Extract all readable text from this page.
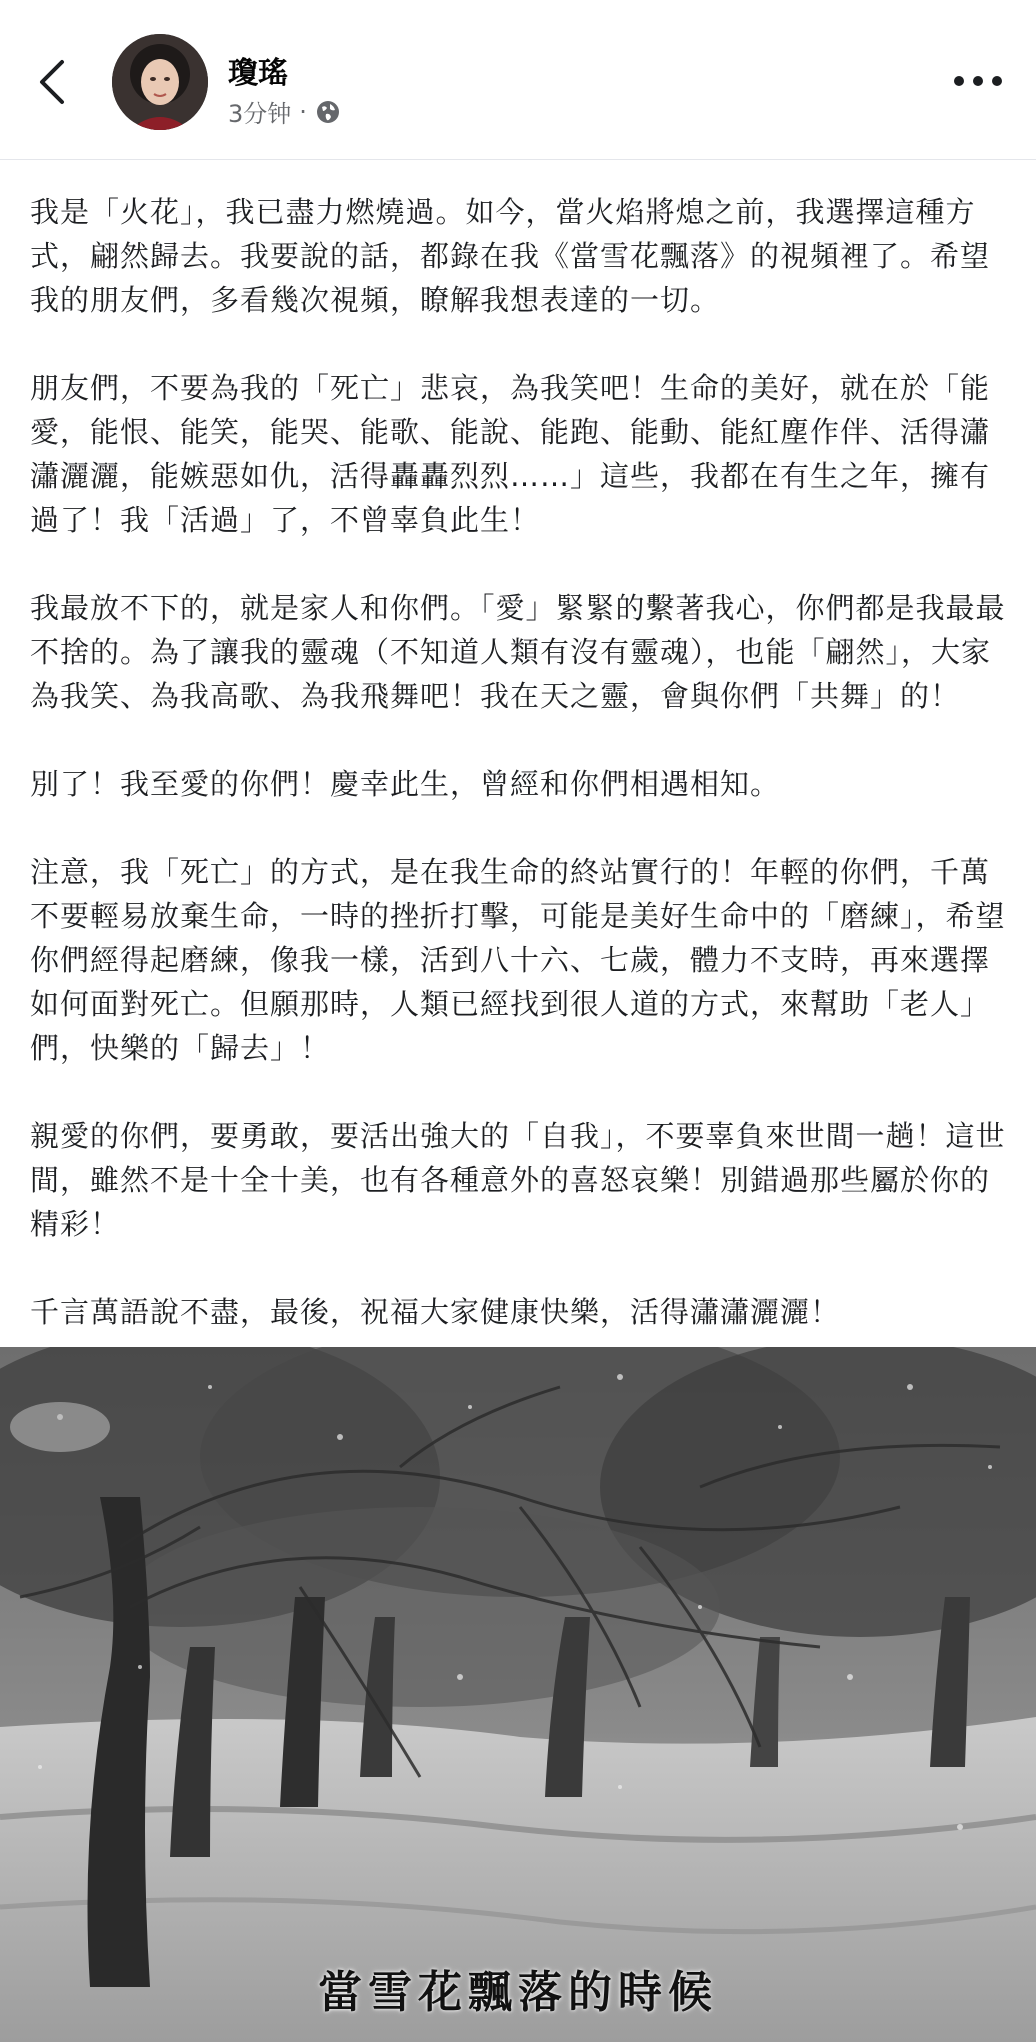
瓊瑤
3分钟 ·

我是「火花」，我已盡力燃燒過。如今，當火焰將熄之前，我選擇這種方式，翩然歸去。我要說的話，都錄在我《當雪花飄落》的視頻裡了。希望我的朋友們，多看幾次視頻，瞭解我想表達的一切。

朋友們，不要為我的「死亡」悲哀，為我笑吧！生命的美好，就在於「能愛，能恨、能笑，能哭、能歌、能說、能跑、能動、能紅塵作伴、活得瀟瀟灑灑，能嫉惡如仇，活得轟轟烈烈……」這些，我都在有生之年，擁有過了！我「活過」了，不曾辜負此生！

我最放不下的，就是家人和你們。「愛」緊緊的繫著我心，你們都是我最最不捨的。為了讓我的靈魂（不知道人類有沒有靈魂），也能「翩然」，大家為我笑、為我高歌、為我飛舞吧！我在天之靈，會與你們「共舞」的！

別了！我至愛的你們！慶幸此生，曾經和你們相遇相知。

注意，我「死亡」的方式，是在我生命的終站實行的！年輕的你們，千萬不要輕易放棄生命，一時的挫折打擊，可能是美好生命中的「磨練」，希望你們經得起磨練，像我一樣，活到八十六、七歲，體力不支時，再來選擇如何面對死亡。但願那時，人類已經找到很人道的方式，來幫助「老人」們，快樂的「歸去」！

親愛的你們，要勇敢，要活出強大的「自我」，不要辜負來世間一趟！這世間，雖然不是十全十美，也有各種意外的喜怒哀樂！別錯過那些屬於你的精彩！

千言萬語說不盡，最後，祝福大家健康快樂，活得瀟瀟灑灑！

當雪花飄落的時候
